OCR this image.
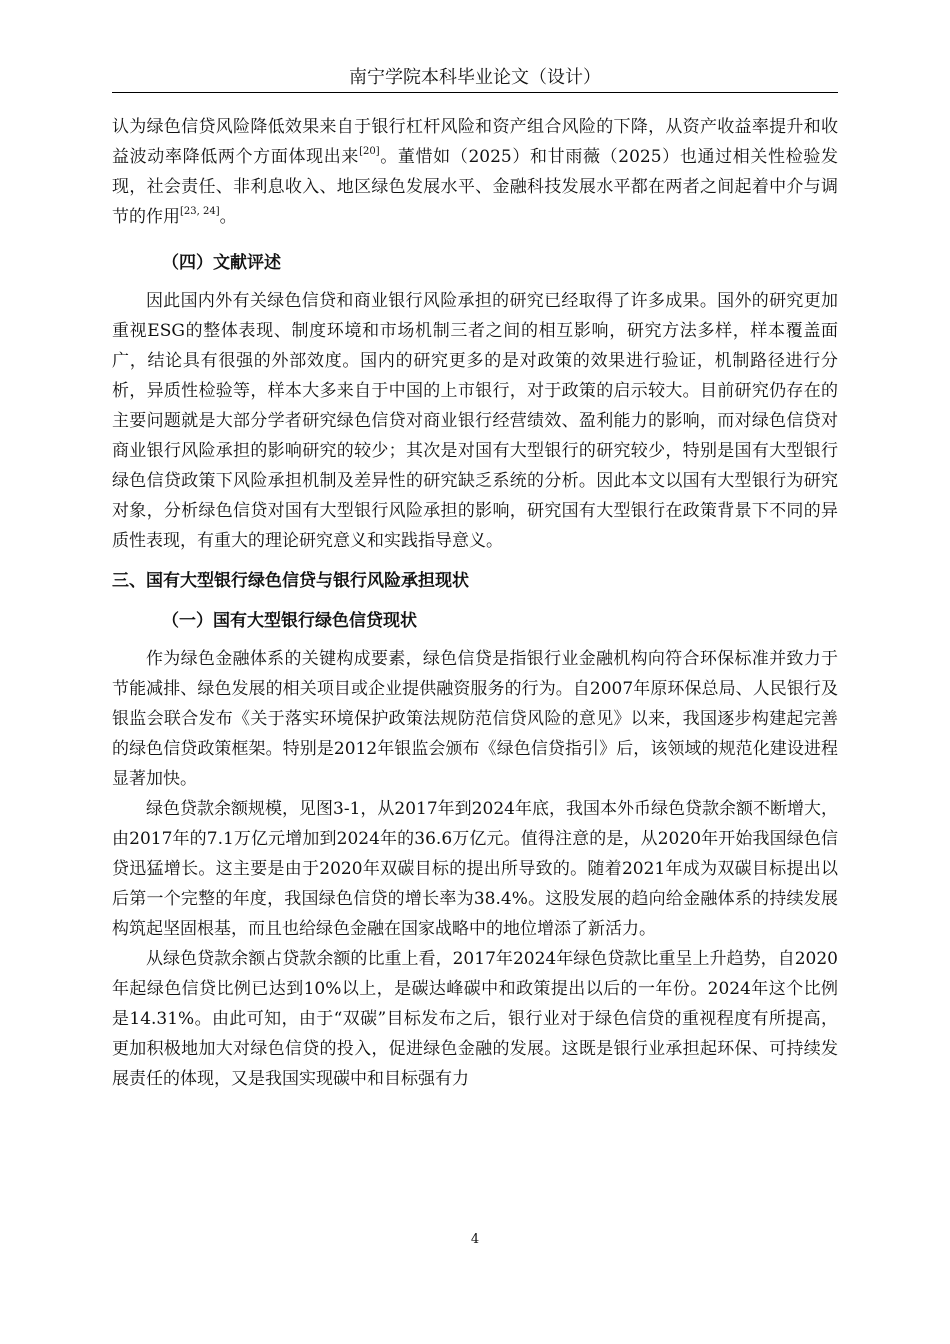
南宁学院本科毕业论文（设计）

认为绿色信贷风险降低效果来自于银行杠杆风险和资产组合风险的下降，从资产收益率提升和收益波动率降低两个方面体现出来[20]。董惜如（2025）和甘雨薇（2025）也通过相关性检验发现，社会责任、非利息收入、地区绿色发展水平、金融科技发展水平都在两者之间起着中介与调节的作用[23, 24]。

（四）文献评述

因此国内外有关绿色信贷和商业银行风险承担的研究已经取得了许多成果。国外的研究更加重视ESG的整体表现、制度环境和市场机制三者之间的相互影响，研究方法多样，样本覆盖面广，结论具有很强的外部效度。国内的研究更多的是对政策的效果进行验证，机制路径进行分析，异质性检验等，样本大多来自于中国的上市银行，对于政策的启示较大。目前研究仍存在的主要问题就是大部分学者研究绿色信贷对商业银行经营绩效、盈利能力的影响，而对绿色信贷对商业银行风险承担的影响研究的较少；其次是对国有大型银行的研究较少，特别是国有大型银行绿色信贷政策下风险承担机制及差异性的研究缺乏系统的分析。因此本文以国有大型银行为研究对象，分析绿色信贷对国有大型银行风险承担的影响，研究国有大型银行在政策背景下不同的异质性表现，有重大的理论研究意义和实践指导意义。

三、国有大型银行绿色信贷与银行风险承担现状
（一）国有大型银行绿色信贷现状

作为绿色金融体系的关键构成要素，绿色信贷是指银行业金融机构向符合环保标准并致力于节能减排、绿色发展的相关项目或企业提供融资服务的行为。自2007年原环保总局、人民银行及银监会联合发布《关于落实环境保护政策法规防范信贷风险的意见》以来，我国逐步构建起完善的绿色信贷政策框架。特别是2012年银监会颁布《绿色信贷指引》后，该领域的规范化建设进程显著加快。

绿色贷款余额规模，见图3-1，从2017年到2024年底，我国本外币绿色贷款余额不断增大，由2017年的7.1万亿元增加到2024年的36.6万亿元。值得注意的是，从2020年开始我国绿色信贷迅猛增长。这主要是由于2020年双碳目标的提出所导致的。随着2021年成为双碳目标提出以后第一个完整的年度，我国绿色信贷的增长率为38.4%。这股发展的趋向给金融体系的持续发展构筑起坚固根基，而且也给绿色金融在国家战略中的地位增添了新活力。

从绿色贷款余额占贷款余额的比重上看，2017年2024年绿色贷款比重呈上升趋势，自2020年起绿色信贷比例已达到10%以上，是碳达峰碳中和政策提出以后的一年份。2024年这个比例是14.31%。由此可知，由于“双碳”目标发布之后，银行业对于绿色信贷的重视程度有所提高，更加积极地加大对绿色信贷的投入，促进绿色金融的发展。这既是银行业承担起环保、可持续发展责任的体现，又是我国实现碳中和目标强有力

4
